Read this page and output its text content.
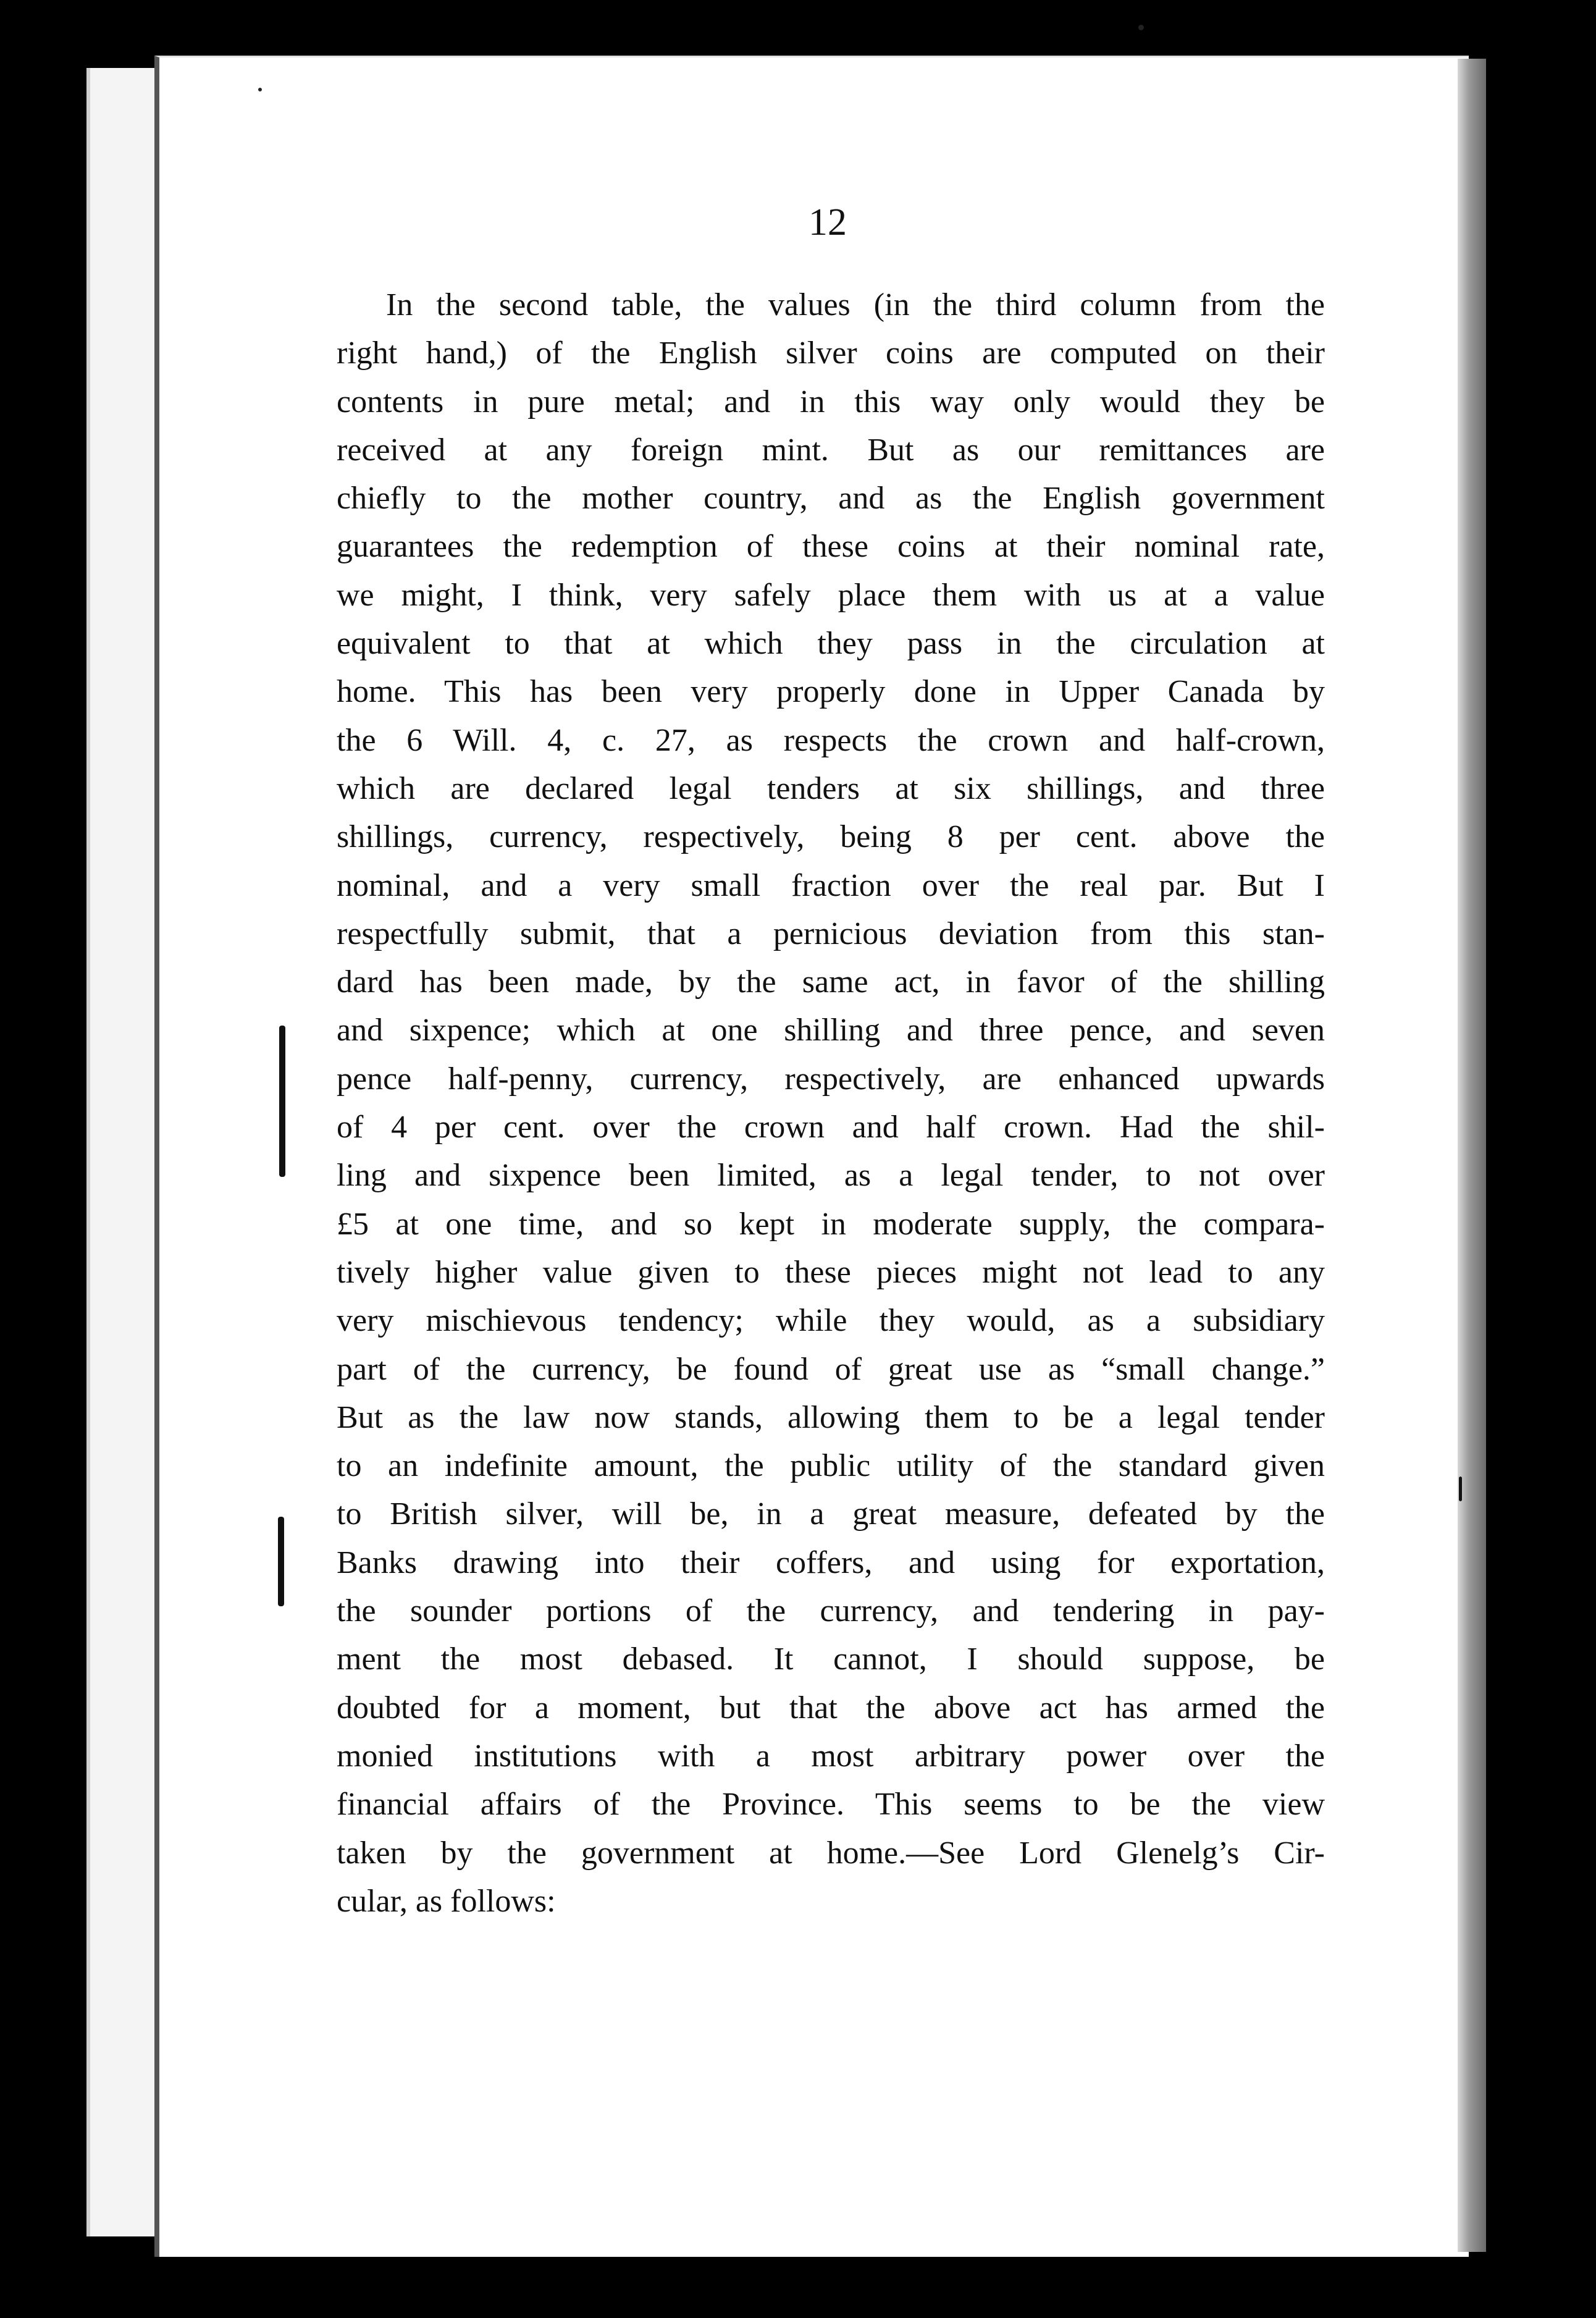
12
In the second table, the values (in the third column from the
right hand,) of the English silver coins are computed on their
contents in pure metal; and in this way only would they be
received at any foreign mint. But as our remittances are
chiefly to the mother country, and as the English government
guarantees the redemption of these coins at their nominal rate,
we might, I think, very safely place them with us at a value
equivalent to that at which they pass in the circulation at
home. This has been very properly done in Upper Canada by
the 6 Will. 4, c. 27, as respects the crown and half-crown,
which are declared legal tenders at six shillings, and three
shillings, currency, respectively, being 8 per cent. above the
nominal, and a very small fraction over the real par. But I
respectfully submit, that a pernicious deviation from this stan-
dard has been made, by the same act, in favor of the shilling
and sixpence; which at one shilling and three pence, and seven
pence half-penny, currency, respectively, are enhanced upwards
of 4 per cent. over the crown and half crown. Had the shil-
ling and sixpence been limited, as a legal tender, to not over
£5 at one time, and so kept in moderate supply, the compara-
tively higher value given to these pieces might not lead to any
very mischievous tendency; while they would, as a subsidiary
part of the currency, be found of great use as “small change.”
But as the law now stands, allowing them to be a legal tender
to an indefinite amount, the public utility of the standard given
to British silver, will be, in a great measure, defeated by the
Banks drawing into their coffers, and using for exportation,
the sounder portions of the currency, and tendering in pay-
ment the most debased. It cannot, I should suppose, be
doubted for a moment, but that the above act has armed the
monied institutions with a most arbitrary power over the
financial affairs of the Province. This seems to be the view
taken by the government at home.—See Lord Glenelg’s Cir-
cular, as follows:
